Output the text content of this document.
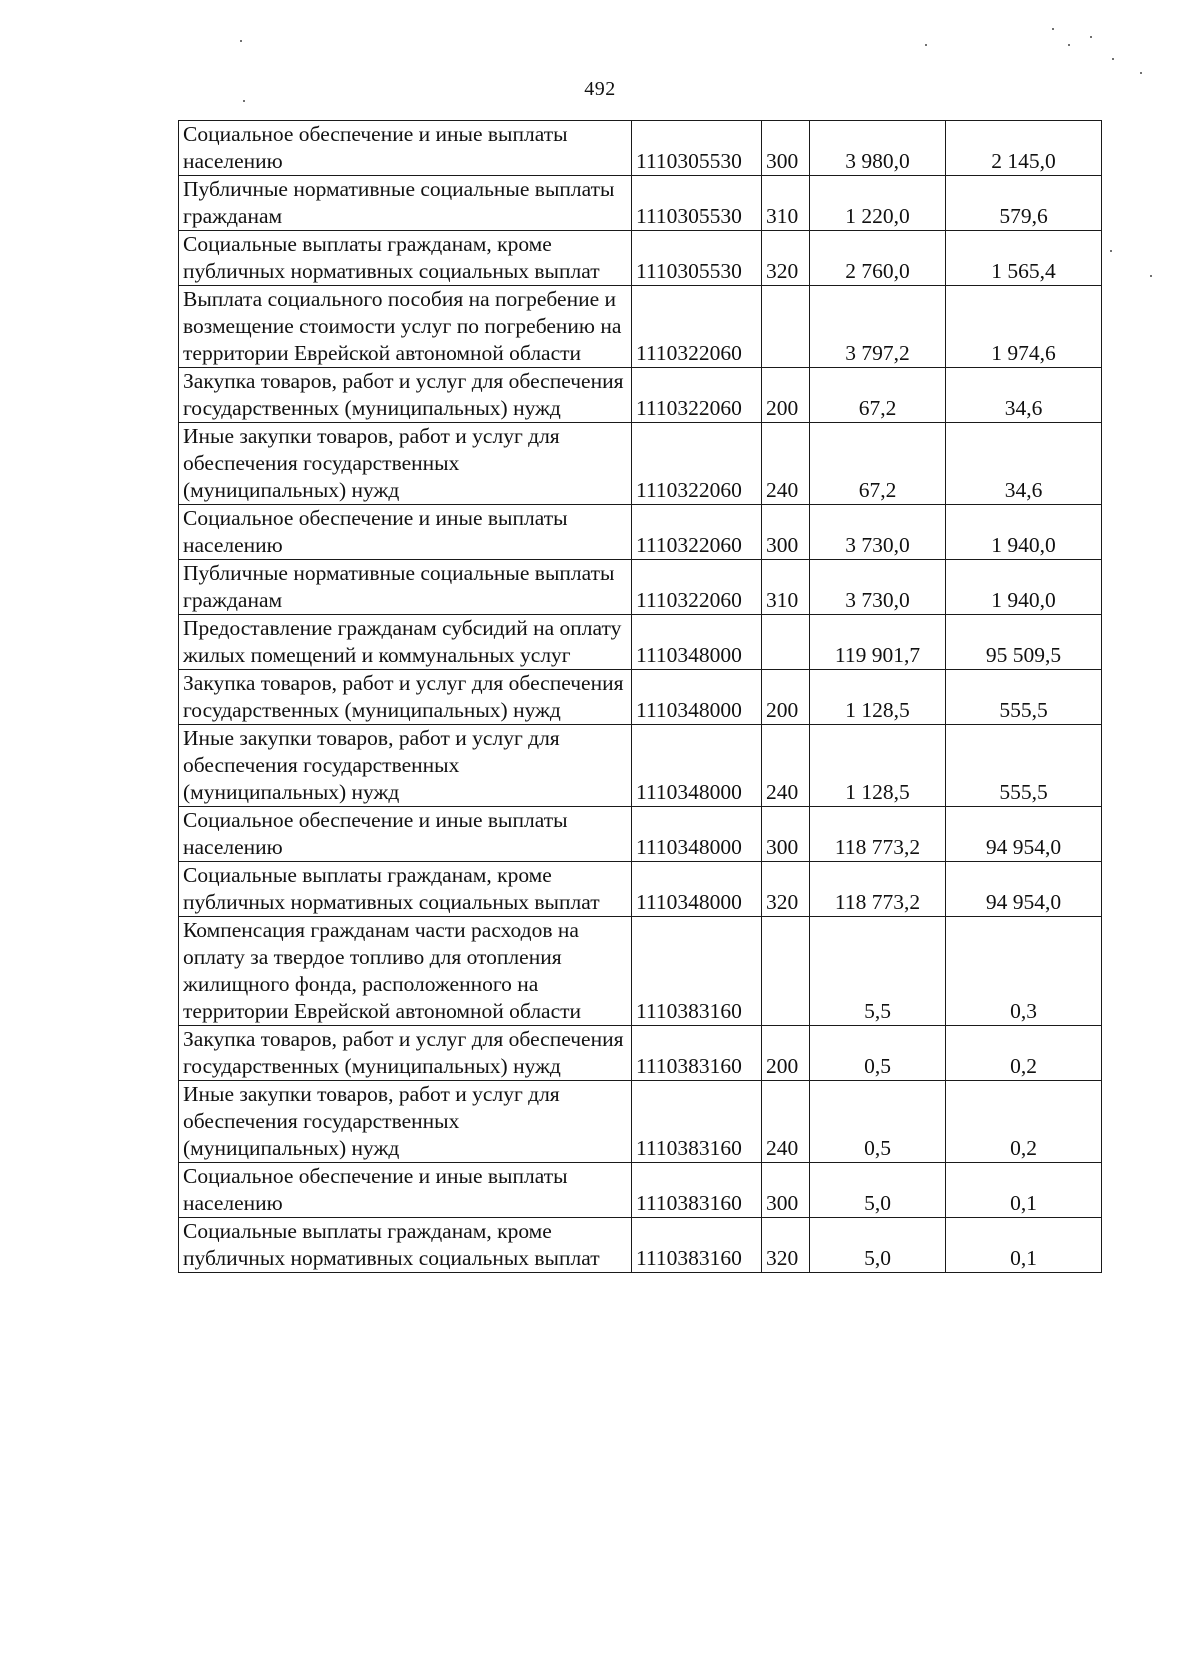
492
Социальное обеспечение и иные выплаты населению	1110305530	300	3 980,0	2 145,0
Публичные нормативные социальные выплаты гражданам	1110305530	310	1 220,0	579,6
Социальные выплаты гражданам, кроме публичных нормативных социальных выплат	1110305530	320	2 760,0	1 565,4
Выплата социального пособия на погребение и возмещение стоимости услуг по погребению на территории Еврейской автономной области	1110322060		3 797,2	1 974,6
Закупка товаров, работ и услуг для обеспечения государственных (муниципальных) нужд	1110322060	200	67,2	34,6
Иные закупки товаров, работ и услуг для обеспечения государственных (муниципальных) нужд	1110322060	240	67,2	34,6
Социальное обеспечение и иные выплаты населению	1110322060	300	3 730,0	1 940,0
Публичные нормативные социальные выплаты гражданам	1110322060	310	3 730,0	1 940,0
Предоставление гражданам субсидий на оплату жилых помещений и коммунальных услуг	1110348000		119 901,7	95 509,5
Закупка товаров, работ и услуг для обеспечения государственных (муниципальных) нужд	1110348000	200	1 128,5	555,5
Иные закупки товаров, работ и услуг для обеспечения государственных (муниципальных) нужд	1110348000	240	1 128,5	555,5
Социальное обеспечение и иные выплаты населению	1110348000	300	118 773,2	94 954,0
Социальные выплаты гражданам, кроме публичных нормативных социальных выплат	1110348000	320	118 773,2	94 954,0
Компенсация гражданам части расходов на оплату за твердое топливо для отопления жилищного фонда, расположенного на территории Еврейской автономной области	1110383160		5,5	0,3
Закупка товаров, работ и услуг для обеспечения государственных (муниципальных) нужд	1110383160	200	0,5	0,2
Иные закупки товаров, работ и услуг для обеспечения государственных (муниципальных) нужд	1110383160	240	0,5	0,2
Социальное обеспечение и иные выплаты населению	1110383160	300	5,0	0,1
Социальные выплаты гражданам, кроме публичных нормативных социальных выплат	1110383160	320	5,0	0,1
